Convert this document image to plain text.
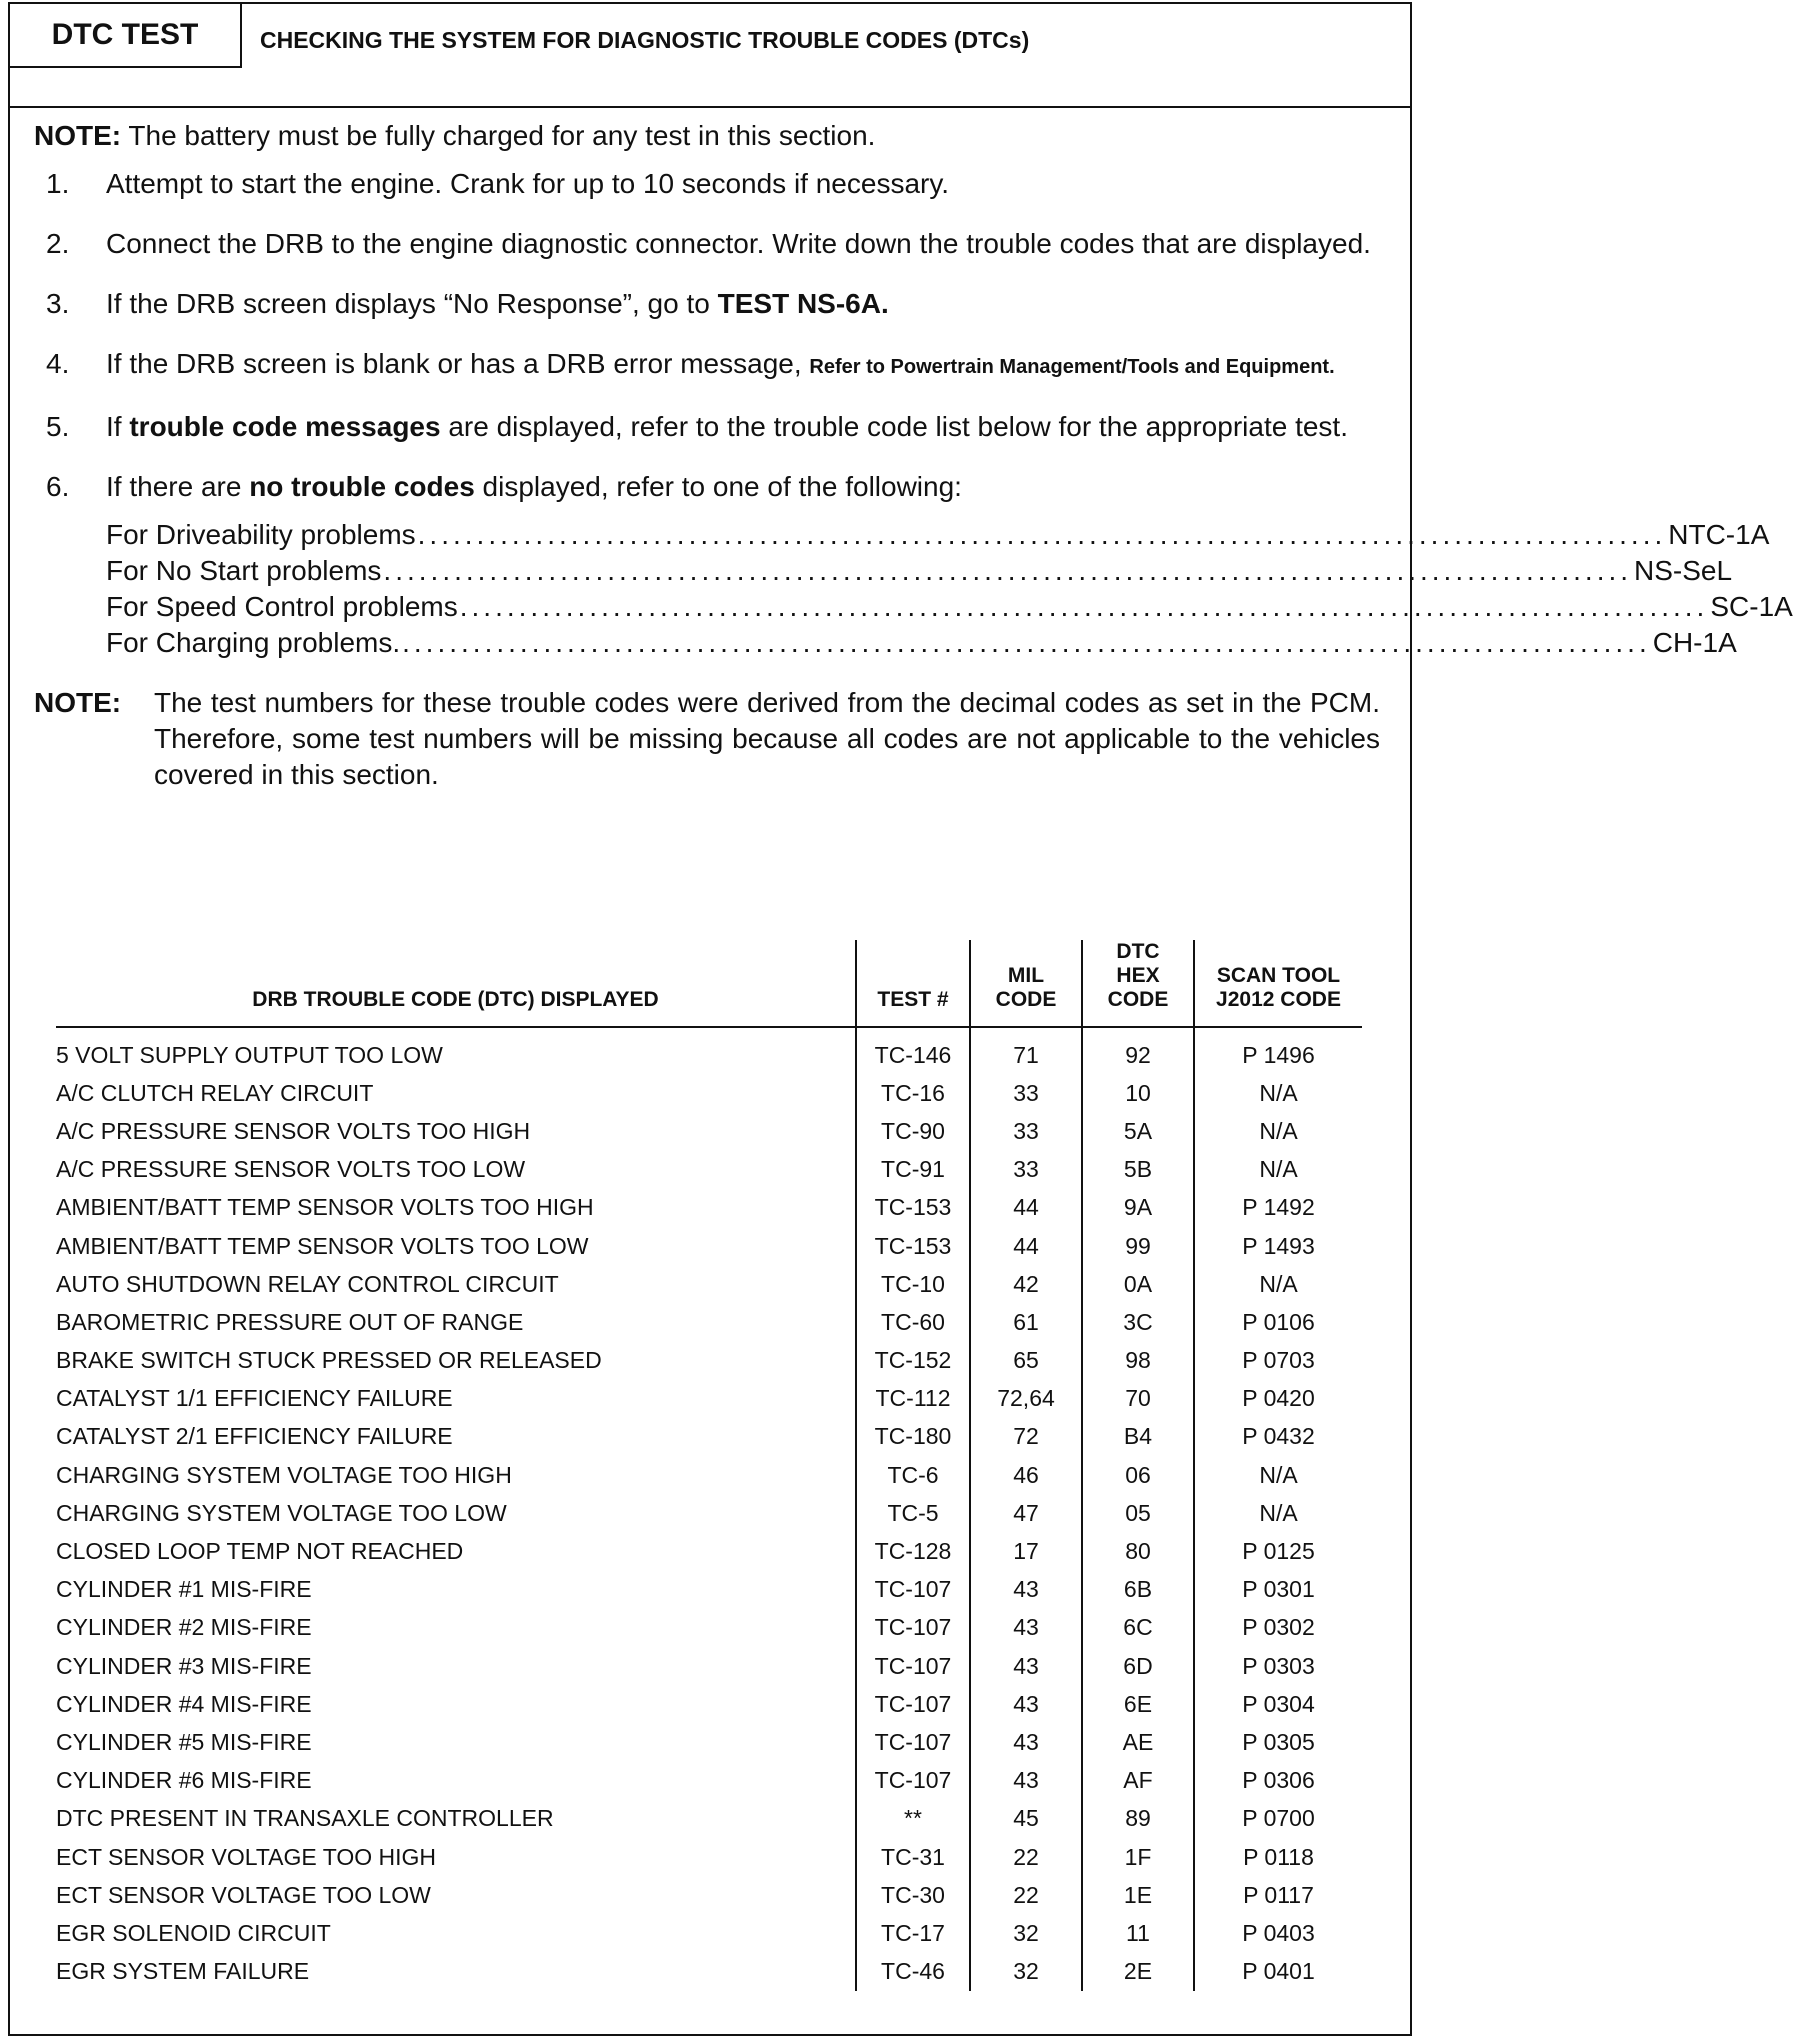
DTC TEST	CHECKING THE SYSTEM FOR DIAGNOSTIC TROUBLE CODES (DTCs)

NOTE: The battery must be fully charged for any test in this section.

1. Attempt to start the engine. Crank for up to 10 seconds if necessary.
2. Connect the DRB to the engine diagnostic connector. Write down the trouble codes that are displayed.
3. If the DRB screen displays “No Response”, go to TEST NS-6A.
4. If the DRB screen is blank or has a DRB error message, Refer to Powertrain Management/Tools and Equipment.
5. If trouble code messages are displayed, refer to the trouble code list below for the appropriate test.
6. If there are no trouble codes displayed, refer to one of the following:
For Driveability problems .......................................................................................................... NTC-1A
For No Start problems .......................................................................................................... NS-SeL
For Speed Control problems .......................................................................................................... SC-1A
For Charging problems. .......................................................................................................... CH-1A
NOTE:	The test numbers for these trouble codes were derived from the decimal codes as set in the PCM. Therefore, some test numbers will be missing because all codes are not applicable to the vehicles covered in this section.
DRB TROUBLE CODE (DTC) DISPLAYED	TEST #	MIL CODE	DTC HEX CODE	SCAN TOOL J2012 CODE
5 VOLT SUPPLY OUTPUT TOO LOW	TC-146	71	92	P 1496
A/C CLUTCH RELAY CIRCUIT	TC-16	33	10	N/A
A/C PRESSURE SENSOR VOLTS TOO HIGH	TC-90	33	5A	N/A
A/C PRESSURE SENSOR VOLTS TOO LOW	TC-91	33	5B	N/A
AMBIENT/BATT TEMP SENSOR VOLTS TOO HIGH	TC-153	44	9A	P 1492
AMBIENT/BATT TEMP SENSOR VOLTS TOO LOW	TC-153	44	99	P 1493
AUTO SHUTDOWN RELAY CONTROL CIRCUIT	TC-10	42	0A	N/A
BAROMETRIC PRESSURE OUT OF RANGE	TC-60	61	3C	P 0106
BRAKE SWITCH STUCK PRESSED OR RELEASED	TC-152	65	98	P 0703
CATALYST 1/1 EFFICIENCY FAILURE	TC-112	72,64	70	P 0420
CATALYST 2/1 EFFICIENCY FAILURE	TC-180	72	B4	P 0432
CHARGING SYSTEM VOLTAGE TOO HIGH	TC-6	46	06	N/A
CHARGING SYSTEM VOLTAGE TOO LOW	TC-5	47	05	N/A
CLOSED LOOP TEMP NOT REACHED	TC-128	17	80	P 0125
CYLINDER #1 MIS-FIRE	TC-107	43	6B	P 0301
CYLINDER #2 MIS-FIRE	TC-107	43	6C	P 0302
CYLINDER #3 MIS-FIRE	TC-107	43	6D	P 0303
CYLINDER #4 MIS-FIRE	TC-107	43	6E	P 0304
CYLINDER #5 MIS-FIRE	TC-107	43	AE	P 0305
CYLINDER #6 MIS-FIRE	TC-107	43	AF	P 0306
DTC PRESENT IN TRANSAXLE CONTROLLER	**	45	89	P 0700
ECT SENSOR VOLTAGE TOO HIGH	TC-31	22	1F	P 0118
ECT SENSOR VOLTAGE TOO LOW	TC-30	22	1E	P 0117
EGR SOLENOID CIRCUIT	TC-17	32	11	P 0403
EGR SYSTEM FAILURE	TC-46	32	2E	P 0401
